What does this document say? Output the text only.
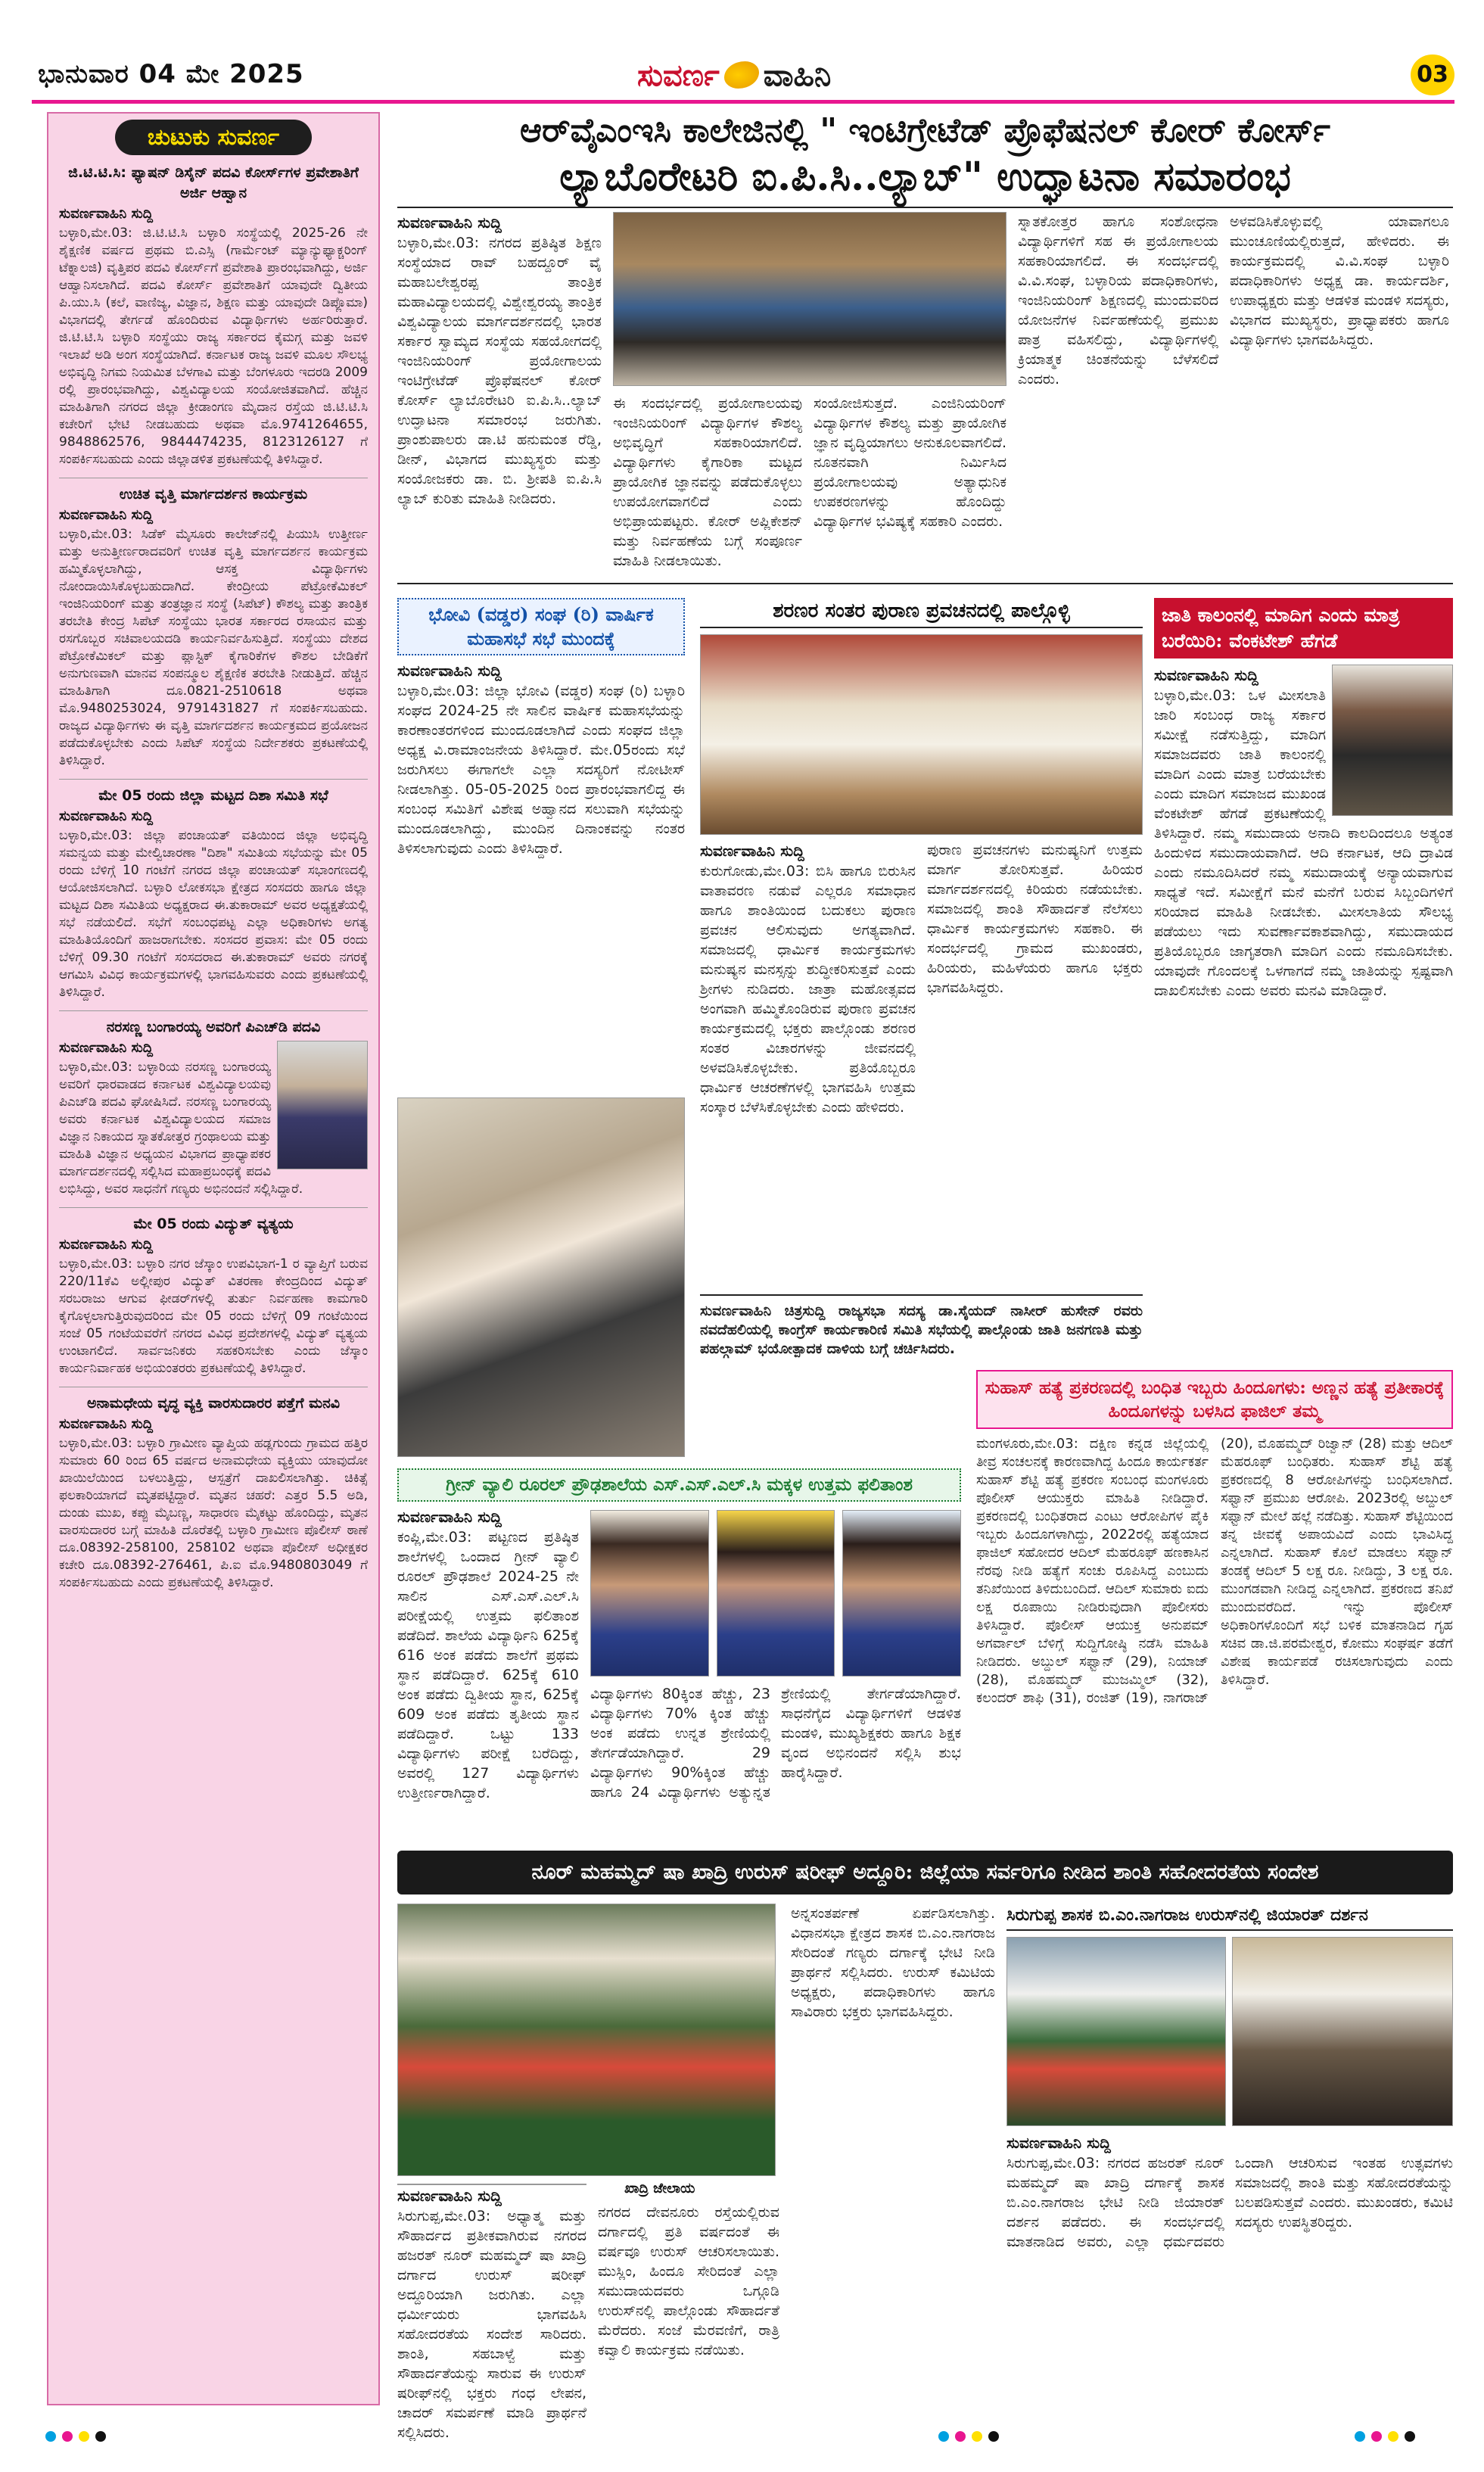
ಭಾನುವಾರ 04 ಮೇ 2025	ಸುವರ್ಣ ವಾಹಿನಿ	03
ಚುಟುಕು ಸುವರ್ಣ
ಜಿ.ಟಿ.ಟಿ.ಸಿ: ಫ್ಯಾಷನ್ ಡಿಸೈನ್ ಪದವಿ ಕೋರ್ಸ್‌ಗಳ ಪ್ರವೇಶಾತಿಗೆ ಅರ್ಜಿ ಆಹ್ವಾನ
ಸುವರ್ಣವಾಹಿನಿ ಸುದ್ದಿ
ಬಳ್ಳಾರಿ,ಮೇ.03: ಜಿ.ಟಿ.ಟಿ.ಸಿ ಬಳ್ಳಾರಿ ಸಂಸ್ಥೆಯಲ್ಲಿ 2025-26 ನೇ ಶೈಕ್ಷಣಿಕ ವರ್ಷದ ಪ್ರಥಮ ಬಿ.ಎಸ್ಸಿ (ಗಾರ್ಮೆಂಟ್ ಮ್ಯಾನ್ಯುಫ್ಯಾಕ್ಚರಿಂಗ್ ಟೆಕ್ನಾಲಜಿ) ವೃತ್ತಿಪರ ಪದವಿ ಕೋರ್ಸ್‌ಗೆ ಪ್ರವೇಶಾತಿ ಪ್ರಾರಂಭವಾಗಿದ್ದು, ಅರ್ಜಿ ಆಹ್ವಾನಿಸಲಾಗಿದೆ. ಪದವಿ ಕೋರ್ಸ್ ಪ್ರವೇಶಾತಿಗೆ ಯಾವುದೇ ದ್ವಿತೀಯ ಪಿ.ಯು.ಸಿ (ಕಲೆ, ವಾಣಿಜ್ಯ, ವಿಜ್ಞಾನ, ಶಿಕ್ಷಣ ಮತ್ತು ಯಾವುದೇ ಡಿಪ್ಲೊಮಾ) ವಿಭಾಗದಲ್ಲಿ ತೇರ್ಗಡೆ ಹೊಂದಿರುವ ವಿದ್ಯಾರ್ಥಿಗಳು ಅರ್ಹರಿರುತ್ತಾರೆ. ಜಿ.ಟಿ.ಟಿ.ಸಿ ಬಳ್ಳಾರಿ ಸಂಸ್ಥೆಯು ರಾಜ್ಯ ಸರ್ಕಾರದ ಕೈಮಗ್ಗ ಮತ್ತು ಜವಳಿ ಇಲಾಖೆ ಅಡಿ ಅಂಗ ಸಂಸ್ಥೆಯಾಗಿದೆ. ಕರ್ನಾಟಕ ರಾಜ್ಯ ಜವಳಿ ಮೂಲ ಸೌಲಭ್ಯ ಅಭಿವೃದ್ಧಿ ನಿಗಮ ನಿಯಮಿತ ಬೆಳಗಾವಿ ಮತ್ತು ಬೆಂಗಳೂರು ಇದರಡಿ 2009 ರಲ್ಲಿ ಪ್ರಾರಂಭವಾಗಿದ್ದು, ವಿಶ್ವವಿದ್ಯಾಲಯ ಸಂಯೋಜಿತವಾಗಿದೆ. ಹೆಚ್ಚಿನ ಮಾಹಿತಿಗಾಗಿ ನಗರದ ಜಿಲ್ಲಾ ಕ್ರೀಡಾಂಗಣ ಮೈದಾನ ರಸ್ತೆಯ ಜಿ.ಟಿ.ಟಿ.ಸಿ ಕಚೇರಿಗೆ ಭೇಟಿ ನೀಡಬಹುದು ಅಥವಾ ಮೊ.9741264655, 9848862576, 9844474235, 8123126127 ಗೆ ಸಂಪರ್ಕಿಸಬಹುದು ಎಂದು ಜಿಲ್ಲಾಡಳಿತ ಪ್ರಕಟಣೆಯಲ್ಲಿ ತಿಳಿಸಿದ್ದಾರೆ.
ಉಚಿತ ವೃತ್ತಿ ಮಾರ್ಗದರ್ಶನ ಕಾರ್ಯಕ್ರಮ
ಸುವರ್ಣವಾಹಿನಿ ಸುದ್ದಿ
ಬಳ್ಳಾರಿ,ಮೇ.03: ಸಿಡೆಕ್ ಮೈಸೂರು ಕಾಲೇಜ್‌ನಲ್ಲಿ ಪಿಯುಸಿ ಉತ್ತೀರ್ಣ ಮತ್ತು ಅನುತ್ತೀರ್ಣರಾದವರಿಗೆ ಉಚಿತ ವೃತ್ತಿ ಮಾರ್ಗದರ್ಶನ ಕಾರ್ಯಕ್ರಮ ಹಮ್ಮಿಕೊಳ್ಳಲಾಗಿದ್ದು, ಆಸಕ್ತ ವಿದ್ಯಾರ್ಥಿಗಳು ನೋಂದಾಯಿಸಿಕೊಳ್ಳಬಹುದಾಗಿದೆ. ಕೇಂದ್ರೀಯ ಪೆಟ್ರೋಕೆಮಿಕಲ್ ಇಂಜಿನಿಯರಿಂಗ್ ಮತ್ತು ತಂತ್ರಜ್ಞಾನ ಸಂಸ್ಥೆ (ಸಿಪೆಟ್) ಕೌಶಲ್ಯ ಮತ್ತು ತಾಂತ್ರಿಕ ತರಬೇತಿ ಕೇಂದ್ರ ಸಿಪೆಟ್ ಸಂಸ್ಥೆಯು ಭಾರತ ಸರ್ಕಾರದ ರಸಾಯನ ಮತ್ತು ರಸಗೊಬ್ಬರ ಸಚಿವಾಲಯದಡಿ ಕಾರ್ಯನಿರ್ವಹಿಸುತ್ತಿದೆ. ಸಂಸ್ಥೆಯು ದೇಶದ ಪೆಟ್ರೋಕೆಮಿಕಲ್ ಮತ್ತು ಪ್ಲಾಸ್ಟಿಕ್ ಕೈಗಾರಿಕೆಗಳ ಕೌಶಲ ಬೇಡಿಕೆಗೆ ಅನುಗುಣವಾಗಿ ಮಾನವ ಸಂಪನ್ಮೂಲ ಶೈಕ್ಷಣಿಕ ತರಬೇತಿ ನೀಡುತ್ತಿದೆ. ಹೆಚ್ಚಿನ ಮಾಹಿತಿಗಾಗಿ ದೂ.0821-2510618 ಅಥವಾ ಮೊ.9480253024, 9791431827 ಗೆ ಸಂಪರ್ಕಿಸಬಹುದು. ರಾಜ್ಯದ ವಿದ್ಯಾರ್ಥಿಗಳು ಈ ವೃತ್ತಿ ಮಾರ್ಗದರ್ಶನ ಕಾರ್ಯಕ್ರಮದ ಪ್ರಯೋಜನ ಪಡೆದುಕೊಳ್ಳಬೇಕು ಎಂದು ಸಿಪೆಟ್ ಸಂಸ್ಥೆಯ ನಿರ್ದೇಶಕರು ಪ್ರಕಟಣೆಯಲ್ಲಿ ತಿಳಿಸಿದ್ದಾರೆ.
ಮೇ 05 ರಂದು ಜಿಲ್ಲಾ ಮಟ್ಟದ ದಿಶಾ ಸಮಿತಿ ಸಭೆ
ಸುವರ್ಣವಾಹಿನಿ ಸುದ್ದಿ
ಬಳ್ಳಾರಿ,ಮೇ.03: ಜಿಲ್ಲಾ ಪಂಚಾಯತ್ ವತಿಯಿಂದ ಜಿಲ್ಲಾ ಅಭಿವೃದ್ಧಿ ಸಮನ್ವಯ ಮತ್ತು ಮೇಲ್ವಿಚಾರಣಾ "ದಿಶಾ" ಸಮಿತಿಯ ಸಭೆಯನ್ನು ಮೇ 05 ರಂದು ಬೆಳಿಗ್ಗೆ 10 ಗಂಟೆಗೆ ನಗರದ ಜಿಲ್ಲಾ ಪಂಚಾಯತ್ ಸಭಾಂಗಣದಲ್ಲಿ ಆಯೋಜಿಸಲಾಗಿದೆ. ಬಳ್ಳಾರಿ ಲೋಕಸಭಾ ಕ್ಷೇತ್ರದ ಸಂಸದರು ಹಾಗೂ ಜಿಲ್ಲಾ ಮಟ್ಟದ ದಿಶಾ ಸಮಿತಿಯ ಅಧ್ಯಕ್ಷರಾದ ಈ.ತುಕಾರಾಮ್ ಅವರ ಅಧ್ಯಕ್ಷತೆಯಲ್ಲಿ ಸಭೆ ನಡೆಯಲಿದೆ. ಸಭೆಗೆ ಸಂಬಂಧಪಟ್ಟ ಎಲ್ಲಾ ಅಧಿಕಾರಿಗಳು ಅಗತ್ಯ ಮಾಹಿತಿಯೊಂದಿಗೆ ಹಾಜರಾಗಬೇಕು. ಸಂಸದರ ಪ್ರವಾಸ: ಮೇ 05 ರಂದು ಬೆಳಿಗ್ಗೆ 09.30 ಗಂಟೆಗೆ ಸಂಸದರಾದ ಈ.ತುಕಾರಾಮ್ ಅವರು ನಗರಕ್ಕೆ ಆಗಮಿಸಿ ವಿವಿಧ ಕಾರ್ಯಕ್ರಮಗಳಲ್ಲಿ ಭಾಗವಹಿಸುವರು ಎಂದು ಪ್ರಕಟಣೆಯಲ್ಲಿ ತಿಳಿಸಿದ್ದಾರೆ.
ನರಸಣ್ಣ ಬಂಗಾರಯ್ಯ ಅವರಿಗೆ ಪಿಎಚ್‌ಡಿ ಪದವಿ
ಸುವರ್ಣವಾಹಿನಿ ಸುದ್ದಿ
ಬಳ್ಳಾರಿ,ಮೇ.03: ಬಳ್ಳಾರಿಯ ನರಸಣ್ಣ ಬಂಗಾರಯ್ಯ ಅವರಿಗೆ ಧಾರವಾಡದ ಕರ್ನಾಟಕ ವಿಶ್ವವಿದ್ಯಾಲಯವು ಪಿಎಚ್‌ಡಿ ಪದವಿ ಘೋಷಿಸಿದೆ. ನರಸಣ್ಣ ಬಂಗಾರಯ್ಯ ಅವರು ಕರ್ನಾಟಕ ವಿಶ್ವವಿದ್ಯಾಲಯದ ಸಮಾಜ ವಿಜ್ಞಾನ ನಿಕಾಯದ ಸ್ನಾತಕೋತ್ತರ ಗ್ರಂಥಾಲಯ ಮತ್ತು ಮಾಹಿತಿ ವಿಜ್ಞಾನ ಅಧ್ಯಯನ ವಿಭಾಗದ ಪ್ರಾಧ್ಯಾಪಕರ ಮಾರ್ಗದರ್ಶನದಲ್ಲಿ ಸಲ್ಲಿಸಿದ ಮಹಾಪ್ರಬಂಧಕ್ಕೆ ಪದವಿ ಲಭಿಸಿದ್ದು, ಅವರ ಸಾಧನೆಗೆ ಗಣ್ಯರು ಅಭಿನಂದನೆ ಸಲ್ಲಿಸಿದ್ದಾರೆ.
ಮೇ 05 ರಂದು ವಿದ್ಯುತ್ ವ್ಯತ್ಯಯ
ಸುವರ್ಣವಾಹಿನಿ ಸುದ್ದಿ
ಬಳ್ಳಾರಿ,ಮೇ.03: ಬಳ್ಳಾರಿ ನಗರ ಜೆಸ್ಕಾಂ ಉಪವಿಭಾಗ-1 ರ ವ್ಯಾಪ್ತಿಗೆ ಬರುವ 220/11ಕೆವಿ ಅಲ್ಲೀಪುರ ವಿದ್ಯುತ್ ವಿತರಣಾ ಕೇಂದ್ರದಿಂದ ವಿದ್ಯುತ್ ಸರಬರಾಜು ಆಗುವ ಫೀಡರ್‌ಗಳಲ್ಲಿ ತುರ್ತು ನಿರ್ವಹಣಾ ಕಾಮಗಾರಿ ಕೈಗೊಳ್ಳಲಾಗುತ್ತಿರುವುದರಿಂದ ಮೇ 05 ರಂದು ಬೆಳಿಗ್ಗೆ 09 ಗಂಟೆಯಿಂದ ಸಂಜೆ 05 ಗಂಟೆಯವರೆಗೆ ನಗರದ ವಿವಿಧ ಪ್ರದೇಶಗಳಲ್ಲಿ ವಿದ್ಯುತ್ ವ್ಯತ್ಯಯ ಉಂಟಾಗಲಿದೆ. ಸಾರ್ವಜನಿಕರು ಸಹಕರಿಸಬೇಕು ಎಂದು ಜೆಸ್ಕಾಂ ಕಾರ್ಯನಿರ್ವಾಹಕ ಅಭಿಯಂತರರು ಪ್ರಕಟಣೆಯಲ್ಲಿ ತಿಳಿಸಿದ್ದಾರೆ.
ಅನಾಮಧೇಯ ವೃದ್ಧ ವ್ಯಕ್ತಿ ವಾರಸುದಾರರ ಪತ್ತೆಗೆ ಮನವಿ
ಸುವರ್ಣವಾಹಿನಿ ಸುದ್ದಿ
ಬಳ್ಳಾರಿ,ಮೇ.03: ಬಳ್ಳಾರಿ ಗ್ರಾಮೀಣ ವ್ಯಾಪ್ತಿಯ ಹಡ್ಲಗುಂದು ಗ್ರಾಮದ ಹತ್ತಿರ ಸುಮಾರು 60 ರಿಂದ 65 ವರ್ಷದ ಅನಾಮಧೇಯ ವ್ಯಕ್ತಿಯು ಯಾವುದೋ ಖಾಯಿಲೆಯಿಂದ ಬಳಲುತ್ತಿದ್ದು, ಆಸ್ಪತ್ರೆಗೆ ದಾಖಲಿಸಲಾಗಿತ್ತು. ಚಿಕಿತ್ಸೆ ಫಲಕಾರಿಯಾಗದೆ ಮೃತಪಟ್ಟಿದ್ದಾರೆ. ಮೃತನ ಚಹರೆ: ಎತ್ತರ 5.5 ಅಡಿ, ದುಂಡು ಮುಖ, ಕಪ್ಪು ಮೈಬಣ್ಣ, ಸಾಧಾರಣ ಮೈಕಟ್ಟು ಹೊಂದಿದ್ದು, ಮೃತನ ವಾರಸುದಾರರ ಬಗ್ಗೆ ಮಾಹಿತಿ ದೊರೆತಲ್ಲಿ ಬಳ್ಳಾರಿ ಗ್ರಾಮೀಣ ಪೊಲೀಸ್ ಠಾಣೆ ದೂ.08392-258100, 258102 ಅಥವಾ ಪೊಲೀಸ್ ಅಧೀಕ್ಷಕರ ಕಚೇರಿ ದೂ.08392-276461, ಪಿ.ಐ ಮೊ.9480803049 ಗೆ ಸಂಪರ್ಕಿಸಬಹುದು ಎಂದು ಪ್ರಕಟಣೆಯಲ್ಲಿ ತಿಳಿಸಿದ್ದಾರೆ.
ಆರ್‌ವೈಎಂಇಸಿ ಕಾಲೇಜಿನಲ್ಲಿ " ಇಂಟಿಗ್ರೇಟೆಡ್ ಪ್ರೊಫೆಷನಲ್ ಕೋರ್ ಕೋರ್ಸ್
ಲ್ಯಾಬೊರೇಟರಿ ಐ.ಪಿ.ಸಿ..ಲ್ಯಾಬ್" ಉದ್ಘಾಟನಾ ಸಮಾರಂಭ
ಸುವರ್ಣವಾಹಿನಿ ಸುದ್ದಿ
ಬಳ್ಳಾರಿ,ಮೇ.03: ನಗರದ ಪ್ರತಿಷ್ಠಿತ ಶಿಕ್ಷಣ ಸಂಸ್ಥೆಯಾದ ರಾವ್ ಬಹದ್ದೂರ್ ವೈ ಮಹಾಬಲೇಶ್ವರಪ್ಪ ತಾಂತ್ರಿಕ ಮಹಾವಿದ್ಯಾಲಯದಲ್ಲಿ ವಿಶ್ವೇಶ್ವರಯ್ಯ ತಾಂತ್ರಿಕ ವಿಶ್ವವಿದ್ಯಾಲಯ ಮಾರ್ಗದರ್ಶನದಲ್ಲಿ ಭಾರತ ಸರ್ಕಾರ ಸ್ವಾಮ್ಯದ ಸಂಸ್ಥೆಯ ಸಹಯೋಗದಲ್ಲಿ ಇಂಜಿನಿಯರಿಂಗ್ ಪ್ರಯೋಗಾಲಯ ಇಂಟಿಗ್ರೇಟೆಡ್ ಪ್ರೊಫೆಷನಲ್ ಕೋರ್ ಕೋರ್ಸ್ ಲ್ಯಾಬೊರೇಟರಿ ಐ.ಪಿ.ಸಿ..ಲ್ಯಾಬ್ ಉದ್ಘಾಟನಾ ಸಮಾರಂಭ ಜರುಗಿತು. ಪ್ರಾಂಶುಪಾಲರು ಡಾ.ಟಿ ಹನುಮಂತ ರೆಡ್ಡಿ, ಡೀನ್, ವಿಭಾಗದ ಮುಖ್ಯಸ್ಥರು ಮತ್ತು ಸಂಯೋಜಕರು ಡಾ. ಬಿ. ಶ್ರೀಪತಿ ಐ.ಪಿ.ಸಿ ಲ್ಯಾಬ್ ಕುರಿತು ಮಾಹಿತಿ ನೀಡಿದರು.
ಈ ಸಂದರ್ಭದಲ್ಲಿ ಪ್ರಯೋಗಾಲಯವು ಇಂಜಿನಿಯರಿಂಗ್ ವಿದ್ಯಾರ್ಥಿಗಳ ಕೌಶಲ್ಯ ಅಭಿವೃದ್ಧಿಗೆ ಸಹಕಾರಿಯಾಗಲಿದೆ. ವಿದ್ಯಾರ್ಥಿಗಳು ಕೈಗಾರಿಕಾ ಮಟ್ಟದ ಪ್ರಾಯೋಗಿಕ ಜ್ಞಾನವನ್ನು ಪಡೆದುಕೊಳ್ಳಲು ಉಪಯೋಗವಾಗಲಿದೆ ಎಂದು ಅಭಿಪ್ರಾಯಪಟ್ಟರು. ಕೋರ್ ಅಪ್ಲಿಕೇಶನ್ ಮತ್ತು ನಿರ್ವಹಣೆಯ ಬಗ್ಗೆ ಸಂಪೂರ್ಣ ಮಾಹಿತಿ ನೀಡಲಾಯಿತು.
ಸಂಯೋಜಿಸುತ್ತದೆ. ಎಂಜಿನಿಯರಿಂಗ್ ವಿದ್ಯಾರ್ಥಿಗಳ ಕೌಶಲ್ಯ ಮತ್ತು ಪ್ರಾಯೋಗಿಕ ಜ್ಞಾನ ವೃದ್ಧಿಯಾಗಲು ಅನುಕೂಲವಾಗಲಿದೆ. ನೂತನವಾಗಿ ನಿರ್ಮಿಸಿದ ಪ್ರಯೋಗಾಲಯವು ಅತ್ಯಾಧುನಿಕ ಉಪಕರಣಗಳನ್ನು ಹೊಂದಿದ್ದು ವಿದ್ಯಾರ್ಥಿಗಳ ಭವಿಷ್ಯಕ್ಕೆ ಸಹಕಾರಿ ಎಂದರು.
ಸ್ನಾತಕೋತ್ತರ ಹಾಗೂ ಸಂಶೋಧನಾ ವಿದ್ಯಾರ್ಥಿಗಳಿಗೆ ಸಹ ಈ ಪ್ರಯೋಗಾಲಯ ಸಹಕಾರಿಯಾಗಲಿದೆ. ಈ ಸಂದರ್ಭದಲ್ಲಿ ವಿ.ವಿ.ಸಂಘ, ಬಳ್ಳಾರಿಯ ಪದಾಧಿಕಾರಿಗಳು, ಇಂಜಿನಿಯರಿಂಗ್ ಶಿಕ್ಷಣದಲ್ಲಿ ಮುಂದುವರಿದ ಯೋಜನೆಗಳ ನಿರ್ವಹಣೆಯಲ್ಲಿ ಪ್ರಮುಖ ಪಾತ್ರ ವಹಿಸಲಿದ್ದು, ವಿದ್ಯಾರ್ಥಿಗಳಲ್ಲಿ ಕ್ರಿಯಾತ್ಮಕ ಚಿಂತನೆಯನ್ನು ಬೆಳೆಸಲಿದೆ ಎಂದರು.
ಅಳವಡಿಸಿಕೊಳ್ಳುವಲ್ಲಿ ಯಾವಾಗಲೂ ಮುಂಚೂಣಿಯಲ್ಲಿರುತ್ತದೆ, ಹೇಳಿದರು. ಈ ಕಾರ್ಯಕ್ರಮದಲ್ಲಿ ವಿ.ವಿ.ಸಂಘ ಬಳ್ಳಾರಿ ಪದಾಧಿಕಾರಿಗಳು ಅಧ್ಯಕ್ಷ ಡಾ. ಕಾರ್ಯದರ್ಶಿ, ಉಪಾಧ್ಯಕ್ಷರು ಮತ್ತು ಆಡಳಿತ ಮಂಡಳಿ ಸದಸ್ಯರು, ವಿಭಾಗದ ಮುಖ್ಯಸ್ಥರು, ಪ್ರಾಧ್ಯಾಪಕರು ಹಾಗೂ ವಿದ್ಯಾರ್ಥಿಗಳು ಭಾಗವಹಿಸಿದ್ದರು.
ಭೋವಿ (ವಡ್ಡರ) ಸಂಘ (ರಿ) ವಾರ್ಷಿಕ ಮಹಾಸಭೆ ಸಭೆ ಮುಂದಕ್ಕೆ
ಸುವರ್ಣವಾಹಿನಿ ಸುದ್ದಿ
ಬಳ್ಳಾರಿ,ಮೇ.03: ಜಿಲ್ಲಾ ಭೋವಿ (ವಡ್ಡರ) ಸಂಘ (ರಿ) ಬಳ್ಳಾರಿ ಸಂಘದ 2024-25 ನೇ ಸಾಲಿನ ವಾರ್ಷಿಕ ಮಹಾಸಭೆಯನ್ನು ಕಾರಣಾಂತರಗಳಿಂದ ಮುಂದೂಡಲಾಗಿದೆ ಎಂದು ಸಂಘದ ಜಿಲ್ಲಾ ಅಧ್ಯಕ್ಷ ವಿ.ರಾಮಾಂಜನೇಯ ತಿಳಿಸಿದ್ದಾರೆ. ಮೇ.05ರಂದು ಸಭೆ ಜರುಗಿಸಲು ಈಗಾಗಲೇ ಎಲ್ಲಾ ಸದಸ್ಯರಿಗೆ ನೋಟೀಸ್ ನೀಡಲಾಗಿತ್ತು. 05-05-2025 ರಿಂದ ಪ್ರಾರಂಭವಾಗಲಿದ್ದ ಈ ಸಂಬಂಧ ಸಮಿತಿಗೆ ವಿಶೇಷ ಅಹ್ವಾನದ ಸಲುವಾಗಿ ಸಭೆಯನ್ನು ಮುಂದೂಡಲಾಗಿದ್ದು, ಮುಂದಿನ ದಿನಾಂಕವನ್ನು ನಂತರ ತಿಳಿಸಲಾಗುವುದು ಎಂದು ತಿಳಿಸಿದ್ದಾರೆ.
ಶರಣರ ಸಂತರ ಪುರಾಣ ಪ್ರವಚನದಲ್ಲಿ ಪಾಲ್ಗೊಳ್ಳಿ
ಸುವರ್ಣವಾಹಿನಿ ಸುದ್ದಿ
ಕುರುಗೋಡು,ಮೇ.03: ಬಿಸಿ ಹಾಗೂ ಬಿರುಸಿನ ವಾತಾವರಣ ನಡುವೆ ಎಲ್ಲರೂ ಸಮಾಧಾನ ಹಾಗೂ ಶಾಂತಿಯಿಂದ ಬದುಕಲು ಪುರಾಣ ಪ್ರವಚನ ಆಲಿಸುವುದು ಅಗತ್ಯವಾಗಿದೆ. ಸಮಾಜದಲ್ಲಿ ಧಾರ್ಮಿಕ ಕಾರ್ಯಕ್ರಮಗಳು ಮನುಷ್ಯನ ಮನಸ್ಸನ್ನು ಶುದ್ಧೀಕರಿಸುತ್ತವೆ ಎಂದು ಶ್ರೀಗಳು ನುಡಿದರು. ಜಾತ್ರಾ ಮಹೋತ್ಸವದ ಅಂಗವಾಗಿ ಹಮ್ಮಿಕೊಂಡಿರುವ ಪುರಾಣ ಪ್ರವಚನ ಕಾರ್ಯಕ್ರಮದಲ್ಲಿ ಭಕ್ತರು ಪಾಲ್ಗೊಂಡು ಶರಣರ ಸಂತರ ವಿಚಾರಗಳನ್ನು ಜೀವನದಲ್ಲಿ ಅಳವಡಿಸಿಕೊಳ್ಳಬೇಕು. ಪ್ರತಿಯೊಬ್ಬರೂ ಧಾರ್ಮಿಕ ಆಚರಣೆಗಳಲ್ಲಿ ಭಾಗವಹಿಸಿ ಉತ್ತಮ ಸಂಸ್ಕಾರ ಬೆಳೆಸಿಕೊಳ್ಳಬೇಕು ಎಂದು ಹೇಳಿದರು.
ಪುರಾಣ ಪ್ರವಚನಗಳು ಮನುಷ್ಯನಿಗೆ ಉತ್ತಮ ಮಾರ್ಗ ತೋರಿಸುತ್ತವೆ. ಹಿರಿಯರ ಮಾರ್ಗದರ್ಶನದಲ್ಲಿ ಕಿರಿಯರು ನಡೆಯಬೇಕು. ಸಮಾಜದಲ್ಲಿ ಶಾಂತಿ ಸೌಹಾರ್ದತೆ ನೆಲೆಸಲು ಧಾರ್ಮಿಕ ಕಾರ್ಯಕ್ರಮಗಳು ಸಹಕಾರಿ. ಈ ಸಂದರ್ಭದಲ್ಲಿ ಗ್ರಾಮದ ಮುಖಂಡರು, ಹಿರಿಯರು, ಮಹಿಳೆಯರು ಹಾಗೂ ಭಕ್ತರು ಭಾಗವಹಿಸಿದ್ದರು.
ಸುವರ್ಣವಾಹಿನಿ ಚಿತ್ರಸುದ್ದಿ ರಾಜ್ಯಸಭಾ ಸದಸ್ಯ ಡಾ.ಸೈಯದ್ ನಾಸೀರ್ ಹುಸೇನ್ ರವರು ನವದೆಹಲಿಯಲ್ಲಿ ಕಾಂಗ್ರೆಸ್ ಕಾರ್ಯಕಾರಿಣಿ ಸಮಿತಿ ಸಭೆಯಲ್ಲಿ ಪಾಲ್ಗೊಂಡು ಜಾತಿ ಜನಗಣತಿ ಮತ್ತು ಪಹಲ್ಗಾಮ್ ಭಯೋತ್ಪಾದಕ ದಾಳಿಯ ಬಗ್ಗೆ ಚರ್ಚಿಸಿದರು.
ಜಾತಿ ಕಾಲಂನಲ್ಲಿ ಮಾದಿಗ ಎಂದು ಮಾತ್ರ ಬರೆಯಿರಿ: ವೆಂಕಟೇಶ್ ಹೆಗಡೆ
ಸುವರ್ಣವಾಹಿನಿ ಸುದ್ದಿ
ಬಳ್ಳಾರಿ,ಮೇ.03: ಒಳ ಮೀಸಲಾತಿ ಜಾರಿ ಸಂಬಂಧ ರಾಜ್ಯ ಸರ್ಕಾರ ಸಮೀಕ್ಷೆ ನಡೆಸುತ್ತಿದ್ದು, ಮಾದಿಗ ಸಮಾಜದವರು ಜಾತಿ ಕಾಲಂನಲ್ಲಿ ಮಾದಿಗ ಎಂದು ಮಾತ್ರ ಬರೆಯಬೇಕು ಎಂದು ಮಾದಿಗ ಸಮಾಜದ ಮುಖಂಡ ವೆಂಕಟೇಶ್ ಹೆಗಡೆ ಪ್ರಕಟಣೆಯಲ್ಲಿ ತಿಳಿಸಿದ್ದಾರೆ. ನಮ್ಮ ಸಮುದಾಯ ಅನಾದಿ ಕಾಲದಿಂದಲೂ ಅತ್ಯಂತ ಹಿಂದುಳಿದ ಸಮುದಾಯವಾಗಿದೆ. ಆದಿ ಕರ್ನಾಟಕ, ಆದಿ ದ್ರಾವಿಡ ಎಂದು ನಮೂದಿಸಿದರೆ ನಮ್ಮ ಸಮುದಾಯಕ್ಕೆ ಅನ್ಯಾಯವಾಗುವ ಸಾಧ್ಯತೆ ಇದೆ. ಸಮೀಕ್ಷೆಗೆ ಮನೆ ಮನೆಗೆ ಬರುವ ಸಿಬ್ಬಂದಿಗಳಿಗೆ ಸರಿಯಾದ ಮಾಹಿತಿ ನೀಡಬೇಕು. ಮೀಸಲಾತಿಯ ಸೌಲಭ್ಯ ಪಡೆಯಲು ಇದು ಸುವರ್ಣಾವಕಾಶವಾಗಿದ್ದು, ಸಮುದಾಯದ ಪ್ರತಿಯೊಬ್ಬರೂ ಜಾಗೃತರಾಗಿ ಮಾದಿಗ ಎಂದು ನಮೂದಿಸಬೇಕು. ಯಾವುದೇ ಗೊಂದಲಕ್ಕೆ ಒಳಗಾಗದೆ ನಮ್ಮ ಜಾತಿಯನ್ನು ಸ್ಪಷ್ಟವಾಗಿ ದಾಖಲಿಸಬೇಕು ಎಂದು ಅವರು ಮನವಿ ಮಾಡಿದ್ದಾರೆ.
ಸುಹಾಸ್ ಹತ್ಯೆ ಪ್ರಕರಣದಲ್ಲಿ ಬಂಧಿತ ಇಬ್ಬರು ಹಿಂದೂಗಳು: ಅಣ್ಣನ ಹತ್ಯೆ ಪ್ರತೀಕಾರಕ್ಕೆ ಹಿಂದೂಗಳನ್ನು ಬಳಸಿದ ಫಾಜಿಲ್ ತಮ್ಮ
ಮಂಗಳೂರು,ಮೇ.03: ದಕ್ಷಿಣ ಕನ್ನಡ ಜಿಲ್ಲೆಯಲ್ಲಿ ತೀವ್ರ ಸಂಚಲನಕ್ಕೆ ಕಾರಣವಾಗಿದ್ದ ಹಿಂದೂ ಕಾರ್ಯಕರ್ತ ಸುಹಾಸ್ ಶೆಟ್ಟಿ ಹತ್ಯೆ ಪ್ರಕರಣ ಸಂಬಂಧ ಮಂಗಳೂರು ಪೊಲೀಸ್ ಆಯುಕ್ತರು ಮಾಹಿತಿ ನೀಡಿದ್ದಾರೆ. ಪ್ರಕರಣದಲ್ಲಿ ಬಂಧಿತರಾದ ಎಂಟು ಆರೋಪಿಗಳ ಪೈಕಿ ಇಬ್ಬರು ಹಿಂದೂಗಳಾಗಿದ್ದು, 2022ರಲ್ಲಿ ಹತ್ಯೆಯಾದ ಫಾಜಿಲ್ ಸಹೋದರ ಆದಿಲ್ ಮೆಹರೂಫ್ ಹಣಕಾಸಿನ ನೆರವು ನೀಡಿ ಹತ್ಯೆಗೆ ಸಂಚು ರೂಪಿಸಿದ್ದ ಎಂಬುದು ತನಿಖೆಯಿಂದ ತಿಳಿದುಬಂದಿದೆ. ಆದಿಲ್ ಸುಮಾರು ಐದು ಲಕ್ಷ ರೂಪಾಯಿ ನೀಡಿರುವುದಾಗಿ ಪೊಲೀಸರು ತಿಳಿಸಿದ್ದಾರೆ. ಪೊಲೀಸ್ ಆಯುಕ್ತ ಅನುಪಮ್ ಅಗರ್ವಾಲ್ ಬೆಳಿಗ್ಗೆ ಸುದ್ದಿಗೋಷ್ಠಿ ನಡೆಸಿ ಮಾಹಿತಿ ನೀಡಿದರು. ಅಬ್ದುಲ್ ಸಫ್ವಾನ್ (29), ನಿಯಾಜ್ (28), ಮೊಹಮ್ಮದ್ ಮುಜಮ್ಮಿಲ್ (32), ಕಲಂದರ್ ಶಾಫಿ (31), ರಂಜಿತ್ (19), ನಾಗರಾಜ್ (20), ಮೊಹಮ್ಮದ್ ರಿಜ್ವಾನ್ (28) ಮತ್ತು ಆದಿಲ್ ಮೆಹರೂಫ್ ಬಂಧಿತರು. ಸುಹಾಸ್ ಶೆಟ್ಟಿ ಹತ್ಯೆ ಪ್ರಕರಣದಲ್ಲಿ 8 ಆರೋಪಿಗಳನ್ನು ಬಂಧಿಸಲಾಗಿದೆ. ಸಫ್ವಾನ್ ಪ್ರಮುಖ ಆರೋಪಿ. 2023ರಲ್ಲಿ ಅಬ್ದುಲ್ ಸಫ್ವಾನ್ ಮೇಲೆ ಹಲ್ಲೆ ನಡೆದಿತ್ತು. ಸುಹಾಸ್ ಶೆಟ್ಟಿಯಿಂದ ತನ್ನ ಜೀವಕ್ಕೆ ಅಪಾಯವಿದೆ ಎಂದು ಭಾವಿಸಿದ್ದ ಎನ್ನಲಾಗಿದೆ. ಸುಹಾಸ್ ಕೊಲೆ ಮಾಡಲು ಸಫ್ವಾನ್ ತಂಡಕ್ಕೆ ಆದಿಲ್ 5 ಲಕ್ಷ ರೂ. ನೀಡಿದ್ದು, 3 ಲಕ್ಷ ರೂ. ಮುಂಗಡವಾಗಿ ನೀಡಿದ್ದ ಎನ್ನಲಾಗಿದೆ. ಪ್ರಕರಣದ ತನಿಖೆ ಮುಂದುವರೆದಿದೆ. ಇನ್ನು ಪೊಲೀಸ್ ಅಧಿಕಾರಿಗಳೊಂದಿಗೆ ಸಭೆ ಬಳಿಕ ಮಾತನಾಡಿದ ಗೃಹ ಸಚಿವ ಡಾ.ಜಿ.ಪರಮೇಶ್ವರ, ಕೋಮು ಸಂಘರ್ಷ ತಡೆಗೆ ವಿಶೇಷ ಕಾರ್ಯಪಡೆ ರಚಿಸಲಾಗುವುದು ಎಂದು ತಿಳಿಸಿದ್ದಾರೆ.
ಗ್ರೀನ್ ವ್ಯಾಲಿ ರೂರಲ್ ಪ್ರೌಢಶಾಲೆಯ ಎಸ್.ಎಸ್.ಎಲ್.ಸಿ ಮಕ್ಕಳ ಉತ್ತಮ ಫಲಿತಾಂಶ
ಸುವರ್ಣವಾಹಿನಿ ಸುದ್ದಿ
ಕಂಪ್ಲಿ,ಮೇ.03: ಪಟ್ಟಣದ ಪ್ರತಿಷ್ಠಿತ ಶಾಲೆಗಳಲ್ಲಿ ಒಂದಾದ ಗ್ರೀನ್ ವ್ಯಾಲಿ ರೂರಲ್ ಪ್ರೌಢಶಾಲೆ 2024-25 ನೇ ಸಾಲಿನ ಎಸ್.ಎಸ್.ಎಲ್.ಸಿ ಪರೀಕ್ಷೆಯಲ್ಲಿ ಉತ್ತಮ ಫಲಿತಾಂಶ ಪಡೆದಿದೆ. ಶಾಲೆಯ ವಿದ್ಯಾರ್ಥಿನಿ 625ಕ್ಕೆ 616 ಅಂಕ ಪಡೆದು ಶಾಲೆಗೆ ಪ್ರಥಮ ಸ್ಥಾನ ಪಡೆದಿದ್ದಾರೆ. 625ಕ್ಕೆ 610 ಅಂಕ ಪಡೆದು ದ್ವಿತೀಯ ಸ್ಥಾನ, 625ಕ್ಕೆ 609 ಅಂಕ ಪಡೆದು ತೃತೀಯ ಸ್ಥಾನ ಪಡೆದಿದ್ದಾರೆ. ಒಟ್ಟು 133 ವಿದ್ಯಾರ್ಥಿಗಳು ಪರೀಕ್ಷೆ ಬರೆದಿದ್ದು, ಅವರಲ್ಲಿ 127 ವಿದ್ಯಾರ್ಥಿಗಳು ಉತ್ತೀರ್ಣರಾಗಿದ್ದಾರೆ.
ವಿದ್ಯಾರ್ಥಿಗಳು 80ಕ್ಕಿಂತ ಹೆಚ್ಚು, 23 ವಿದ್ಯಾರ್ಥಿಗಳು 70% ಕ್ಕಿಂತ ಹೆಚ್ಚು ಅಂಕ ಪಡೆದು ಉನ್ನತ ಶ್ರೇಣಿಯಲ್ಲಿ ತೇರ್ಗಡೆಯಾಗಿದ್ದಾರೆ. 29 ವಿದ್ಯಾರ್ಥಿಗಳು 90%ಕ್ಕಿಂತ ಹೆಚ್ಚು ಹಾಗೂ 24 ವಿದ್ಯಾರ್ಥಿಗಳು ಅತ್ಯುನ್ನತ ಶ್ರೇಣಿಯಲ್ಲಿ ತೇರ್ಗಡೆಯಾಗಿದ್ದಾರೆ. ಸಾಧನೆಗೈದ ವಿದ್ಯಾರ್ಥಿಗಳಿಗೆ ಆಡಳಿತ ಮಂಡಳಿ, ಮುಖ್ಯಶಿಕ್ಷಕರು ಹಾಗೂ ಶಿಕ್ಷಕ ವೃಂದ ಅಭಿನಂದನೆ ಸಲ್ಲಿಸಿ ಶುಭ ಹಾರೈಸಿದ್ದಾರೆ.
ನೂರ್ ಮಹಮ್ಮದ್ ಷಾ ಖಾದ್ರಿ ಉರುಸ್ ಷರೀಫ್ ಅದ್ದೂರಿ: ಜಿಲ್ಲೆಯಾ ಸರ್ವರಿಗೂ ನೀಡಿದ ಶಾಂತಿ ಸಹೋದರತೆಯ ಸಂದೇಶ
ಖಾದ್ರಿ ಜೇಲಾಯ
ಸುವರ್ಣವಾಹಿನಿ ಸುದ್ದಿ
ಸಿರುಗುಪ್ಪ,ಮೇ.03: ಅಧ್ಯಾತ್ಮ ಮತ್ತು ಸೌಹಾರ್ದದ ಪ್ರತೀಕವಾಗಿರುವ ನಗರದ ಹಜರತ್ ನೂರ್ ಮಹಮ್ಮದ್ ಷಾ ಖಾದ್ರಿ ದರ್ಗಾದ ಉರುಸ್ ಷರೀಫ್ ಅದ್ದೂರಿಯಾಗಿ ಜರುಗಿತು. ಎಲ್ಲಾ ಧರ್ಮೀಯರು ಭಾಗವಹಿಸಿ ಸಹೋದರತೆಯ ಸಂದೇಶ ಸಾರಿದರು. ಶಾಂತಿ, ಸಹಬಾಳ್ವೆ ಮತ್ತು ಸೌಹಾರ್ದತೆಯನ್ನು ಸಾರುವ ಈ ಉರುಸ್ ಷರೀಫ್‌ನಲ್ಲಿ ಭಕ್ತರು ಗಂಧ ಲೇಪನ, ಚಾದರ್ ಸಮರ್ಪಣೆ ಮಾಡಿ ಪ್ರಾರ್ಥನೆ ಸಲ್ಲಿಸಿದರು.
ನಗರದ ದೇವನೂರು ರಸ್ತೆಯಲ್ಲಿರುವ ದರ್ಗಾದಲ್ಲಿ ಪ್ರತಿ ವರ್ಷದಂತೆ ಈ ವರ್ಷವೂ ಉರುಸ್ ಆಚರಿಸಲಾಯಿತು. ಮುಸ್ಲಿಂ, ಹಿಂದೂ ಸೇರಿದಂತೆ ಎಲ್ಲಾ ಸಮುದಾಯದವರು ಒಗ್ಗೂಡಿ ಉರುಸ್‌ನಲ್ಲಿ ಪಾಲ್ಗೊಂಡು ಸೌಹಾರ್ದತೆ ಮೆರೆದರು. ಸಂಜೆ ಮೆರವಣಿಗೆ, ರಾತ್ರಿ ಕವ್ವಾಲಿ ಕಾರ್ಯಕ್ರಮ ನಡೆಯಿತು.
ಅನ್ನಸಂತರ್ಪಣೆ ಏರ್ಪಡಿಸಲಾಗಿತ್ತು. ವಿಧಾನಸಭಾ ಕ್ಷೇತ್ರದ ಶಾಸಕ ಬಿ.ಎಂ.ನಾಗರಾಜ ಸೇರಿದಂತೆ ಗಣ್ಯರು ದರ್ಗಾಕ್ಕೆ ಭೇಟಿ ನೀಡಿ ಪ್ರಾರ್ಥನೆ ಸಲ್ಲಿಸಿದರು. ಉರುಸ್ ಕಮಿಟಿಯ ಅಧ್ಯಕ್ಷರು, ಪದಾಧಿಕಾರಿಗಳು ಹಾಗೂ ಸಾವಿರಾರು ಭಕ್ತರು ಭಾಗವಹಿಸಿದ್ದರು.
ಸಿರುಗುಪ್ಪ ಶಾಸಕ ಬಿ.ಎಂ.ನಾಗರಾಜ ಉರುಸ್‌ನಲ್ಲಿ ಜಿಯಾರತ್ ದರ್ಶನ
ಸುವರ್ಣವಾಹಿನಿ ಸುದ್ದಿ
ಸಿರುಗುಪ್ಪ,ಮೇ.03: ನಗರದ ಹಜರತ್ ನೂರ್ ಮಹಮ್ಮದ್ ಷಾ ಖಾದ್ರಿ ದರ್ಗಾಕ್ಕೆ ಶಾಸಕ ಬಿ.ಎಂ.ನಾಗರಾಜ ಭೇಟಿ ನೀಡಿ ಜಿಯಾರತ್ ದರ್ಶನ ಪಡೆದರು. ಈ ಸಂದರ್ಭದಲ್ಲಿ ಮಾತನಾಡಿದ ಅವರು, ಎಲ್ಲಾ ಧರ್ಮದವರು ಒಂದಾಗಿ ಆಚರಿಸುವ ಇಂತಹ ಉತ್ಸವಗಳು ಸಮಾಜದಲ್ಲಿ ಶಾಂತಿ ಮತ್ತು ಸಹೋದರತೆಯನ್ನು ಬಲಪಡಿಸುತ್ತವೆ ಎಂದರು. ಮುಖಂಡರು, ಕಮಿಟಿ ಸದಸ್ಯರು ಉಪಸ್ಥಿತರಿದ್ದರು.
